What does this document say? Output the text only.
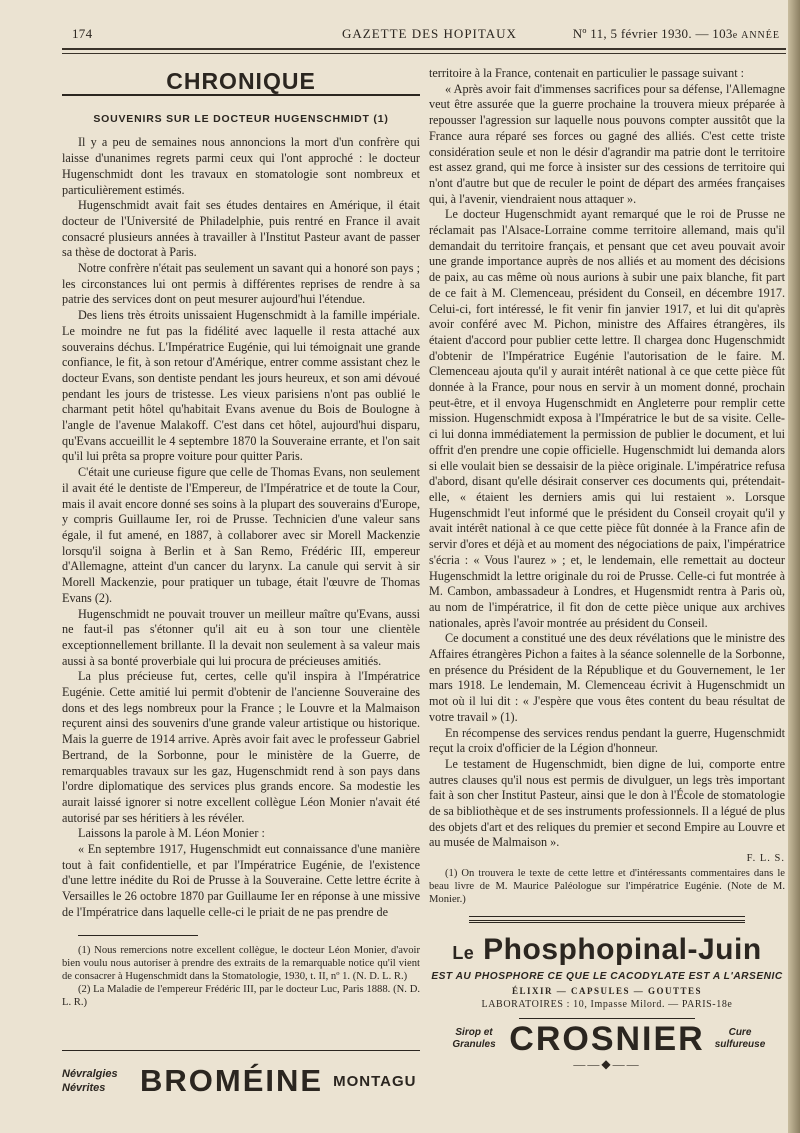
174	GAZETTE DES HOPITAUX	Nº 11, 5 février 1930. — 103e ANNÉE
CHRONIQUE
SOUVENIRS SUR LE DOCTEUR HUGENSCHMIDT (1)

Il y a peu de semaines nous annoncions la mort d'un confrère qui laisse d'unanimes regrets parmi ceux qui l'ont approché : le docteur Hugenschmidt dont les travaux en stomatologie sont nombreux et particulièrement estimés.

Hugenschmidt avait fait ses études dentaires en Amérique, il était docteur de l'Université de Philadelphie, puis rentré en France il avait consacré plusieurs années à travailler à l'Institut Pasteur avant de passer sa thèse de doctorat à Paris.

Notre confrère n'était pas seulement un savant qui a honoré son pays ; les circonstances lui ont permis à différentes reprises de rendre à sa patrie des services dont on peut mesurer aujourd'hui l'étendue.

Des liens très étroits unissaient Hugenschmidt à la famille impériale. Le moindre ne fut pas la fidélité avec laquelle il resta attaché aux souverains déchus. L'Impératrice Eugénie, qui lui témoignait une grande confiance, le fit, à son retour d'Amérique, entrer comme assistant chez le docteur Evans, son dentiste pendant les jours heureux, et son ami dévoué pendant les jours de tristesse. Les vieux parisiens n'ont pas oublié le charmant petit hôtel qu'habitait Evans avenue du Bois de Boulogne à l'angle de l'avenue Malakoff. C'est dans cet hôtel, aujourd'hui disparu, qu'Evans accueillit le 4 septembre 1870 la Souveraine errante, et l'on sait qu'il lui prêta sa propre voiture pour quitter Paris.

C'était une curieuse figure que celle de Thomas Evans, non seulement il avait été le dentiste de l'Empereur, de l'Impératrice et de toute la Cour, mais il avait encore donné ses soins à la plupart des souverains d'Europe, y compris Guillaume Ier, roi de Prusse. Technicien d'une valeur sans égale, il fut amené, en 1887, à collaborer avec sir Morell Mackenzie lorsqu'il soigna à Berlin et à San Remo, Frédéric III, empereur d'Allemagne, atteint d'un cancer du larynx. La canule qui servit à sir Morell Mackenzie, pour pratiquer un tubage, était l'œuvre de Thomas Evans (2).

Hugenschmidt ne pouvait trouver un meilleur maître qu'Evans, aussi ne faut-il pas s'étonner qu'il ait eu à son tour une clientèle exceptionnellement brillante. Il la devait non seulement à sa valeur mais aussi à sa bonté proverbiale qui lui procura de précieuses amitiés.

La plus précieuse fut, certes, celle qu'il inspira à l'Impératrice Eugénie. Cette amitié lui permit d'obtenir de l'ancienne Souveraine des dons et des legs nombreux pour la France ; le Louvre et la Malmaison reçurent ainsi des souvenirs d'une grande valeur artistique ou historique. Mais la guerre de 1914 arrive. Après avoir fait avec le professeur Gabriel Bertrand, de la Sorbonne, pour le ministère de la Guerre, de remarquables travaux sur les gaz, Hugenschmidt rend à son pays dans l'ordre diplomatique des services plus grands encore. Sa modestie les aurait laissé ignorer si notre excellent collègue Léon Monier n'avait été autorisé par ses héritiers à les révéler.

Laissons la parole à M. Léon Monier :

« En septembre 1917, Hugenschmidt eut connaissance d'une manière tout à fait confidentielle, et par l'Impératrice Eugénie, de l'existence d'une lettre inédite du Roi de Prusse à la Souveraine. Cette lettre écrite à Versailles le 26 octobre 1870 par Guillaume Ier en réponse à une missive de l'Impératrice dans laquelle celle-ci le priait de ne pas prendre de

(1) Nous remercions notre excellent collègue, le docteur Léon Monier, d'avoir bien voulu nous autoriser à prendre des extraits de la remarquable notice qu'il vient de consacrer à Hugenschmidt dans la Stomatologie, 1930, t. II, nº 1. (N. D. L. R.)

(2) La Maladie de l'empereur Frédéric III, par le docteur Luc, Paris 1888. (N. D. L. R.)

Névralgies Névrites	BROMÉINE MONTAGU

territoire à la France, contenait en particulier le passage suivant :

« Après avoir fait d'immenses sacrifices pour sa défense, l'Allemagne veut être assurée que la guerre prochaine la trouvera mieux préparée à repousser l'agression sur laquelle nous pouvons compter aussitôt que la France aura réparé ses forces ou gagné des alliés. C'est cette triste considération seule et non le désir d'agrandir ma patrie dont le territoire est assez grand, qui me force à insister sur des cessions de territoire qui n'ont d'autre but que de reculer le point de départ des armées françaises qui, à l'avenir, viendraient nous attaquer ».

Le docteur Hugenschmidt ayant remarqué que le roi de Prusse ne réclamait pas l'Alsace-Lorraine comme territoire allemand, mais qu'il demandait du territoire français, et pensant que cet aveu pouvait avoir une grande importance auprès de nos alliés et au moment des décisions de paix, au cas même où nous aurions à subir une paix blanche, fit part de ce fait à M. Clemenceau, président du Conseil, en décembre 1917. Celui-ci, fort intéressé, le fit venir fin janvier 1917, et lui dit qu'après avoir conféré avec M. Pichon, ministre des Affaires étrangères, ils étaient d'accord pour publier cette lettre. Il chargea donc Hugenschmidt d'obtenir de l'Impératrice Eugénie l'autorisation de le faire. M. Clemenceau ajouta qu'il y aurait intérêt national à ce que cette pièce fût donnée à la France, pour nous en servir à un moment donné, prochain peut-être, et il envoya Hugenschmidt en Angleterre pour remplir cette mission. Hugenschmidt exposa à l'Impératrice le but de sa visite. Celle-ci lui donna immédiatement la permission de publier le document, et lui offrit d'en prendre une copie officielle. Hugenschmidt lui demanda alors si elle voulait bien se dessaisir de la pièce originale. L'impératrice refusa d'abord, disant qu'elle désirait conserver ces documents qui, prétendait-elle, « étaient les derniers amis qui lui restaient ». Lorsque Hugenschmidt l'eut informé que le président du Conseil croyait qu'il y avait intérêt national à ce que cette pièce fût donnée à la France afin de servir d'ores et déjà et au moment des négociations de paix, l'impératrice s'écria : « Vous l'aurez » ; et, le lendemain, elle remettait au docteur Hugenschmidt la lettre originale du roi de Prusse. Celle-ci fut montrée à M. Cambon, ambassadeur à Londres, et Hugensmidt rentra à Paris où, au nom de l'impératrice, il fit don de cette pièce unique aux archives nationales, après l'avoir montrée au président du Conseil.

Ce document a constitué une des deux révélations que le ministre des Affaires étrangères Pichon a faites à la séance solennelle de la Sorbonne, en présence du Président de la République et du Gouvernement, le 1er mars 1918. Le lendemain, M. Clemenceau écrivit à Hugenschmidt un mot où il lui dit : « J'espère que vous êtes content du beau résultat de votre travail » (1).

En récompense des services rendus pendant la guerre, Hugenschmidt reçut la croix d'officier de la Légion d'honneur.

Le testament de Hugenschmidt, bien digne de lui, comporte entre autres clauses qu'il nous est permis de divulguer, un legs très important fait à son cher Institut Pasteur, ainsi que le don à l'École de stomatologie de sa bibliothèque et de ses instruments professionnels. Il a légué de plus des objets d'art et des reliques du premier et second Empire au Louvre et au musée de Malmaison ».

F. L. S.

(1) On trouvera le texte de cette lettre et d'intéressants commentaires dans le beau livre de M. Maurice Paléologue sur l'impératrice Eugénie. (Note de M. Monier.)

Le Phosphopinal-Juin
EST AU PHOSPHORE CE QUE LE CACODYLATE EST A L'ARSENIC
ÉLIXIR — CAPSULES — GOUTTES
LABORATOIRES : 10, Impasse Milord. — PARIS-18e
Sirop et Granules CROSNIER	Cure sulfureuse
——◆——
